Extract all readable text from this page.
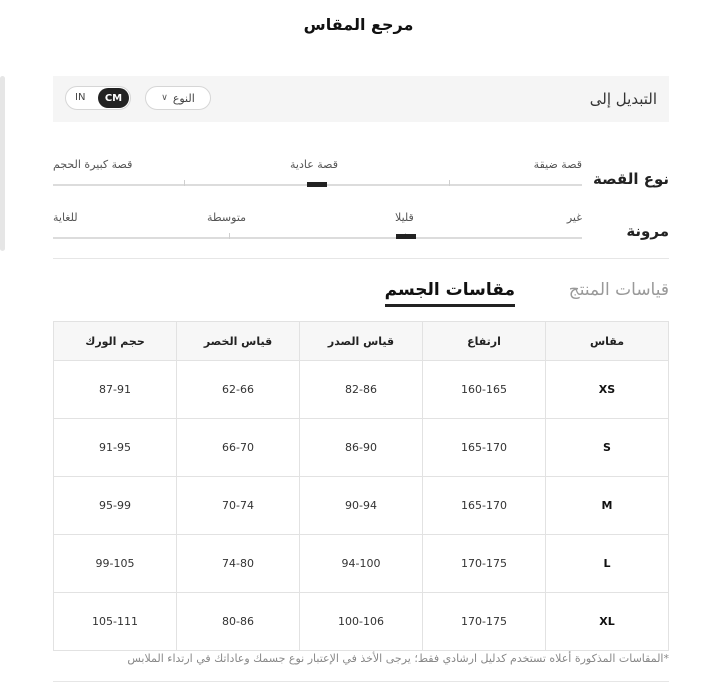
مرجع المقاس
التبديل إلى
النوع
∨
IN	CM
نوع القصة
قصة ضيقة
قصة عادية
قصة كبيرة الحجم
مرونة
غير
قليلا
متوسطة
للغاية
قياسات المنتج
مقاسات الجسم
مقاس	ارتفاع	قياس الصدر	قياس الخصر	حجم الورك
XS	160-165	82-86	62-66	87-91
S	165-170	86-90	66-70	91-95
M	165-170	90-94	70-74	95-99
L	170-175	94-100	74-80	99-105
XL	170-175	100-106	80-86	105-111
*المقاسات المذكورة أعلاه تستخدم كدليل ارشادي فقط؛ يرجى الأخذ في الإعتبار نوع جسمك وعاداتك في ارتداء الملابس
